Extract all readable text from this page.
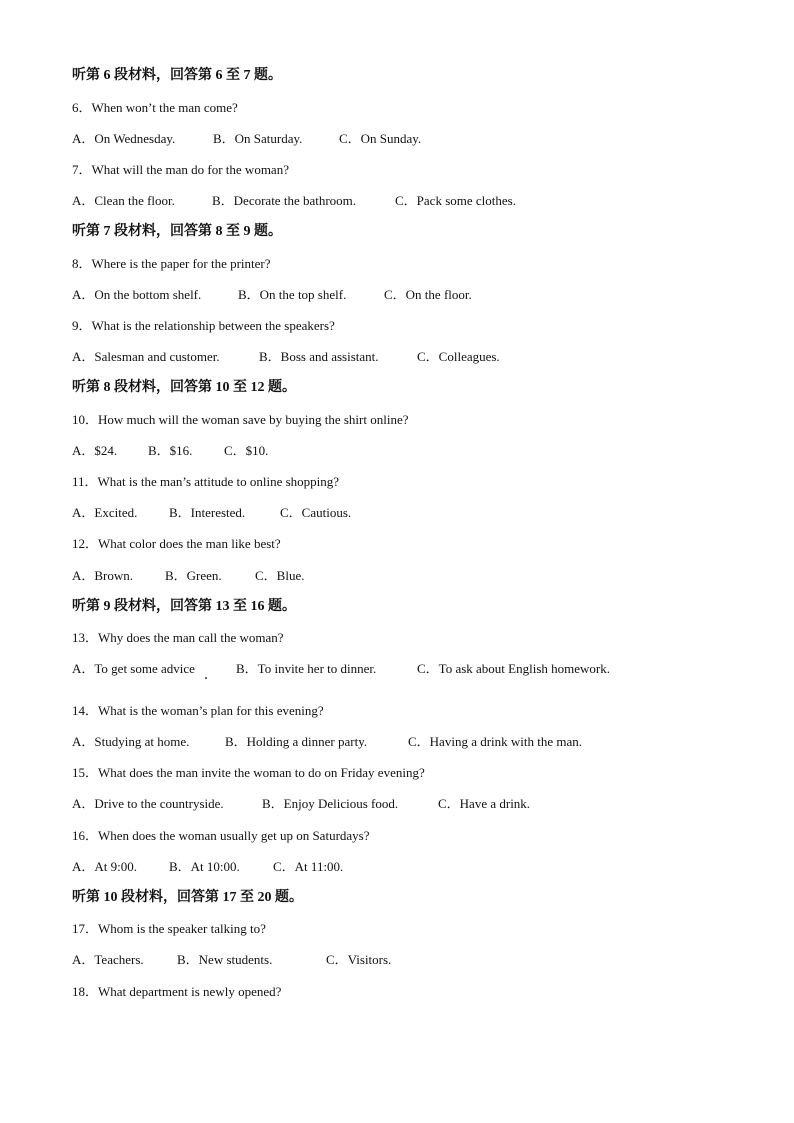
听第 6 段材料，回答第 6 至 7 题。
6．When won’t the man come?
A．On Wednesday.	B．On Saturday.	C．On Sunday.
7．What will the man do for the woman?
A．Clean the floor.	B．Decorate the bathroom.	C．Pack some clothes.
听第 7 段材料，回答第 8 至 9 题。
8．Where is the paper for the printer?
A．On the bottom shelf.	B．On the top shelf.	C．On the floor.
9．What is the relationship between the speakers?
A．Salesman and customer.	B．Boss and assistant.	C．Colleagues.
听第 8 段材料，回答第 10 至 12 题。
10．How much will the woman save by buying the shirt online?
A．$24. B．$16. C．$10.
11．What is the man’s attitude to online shopping?
A．Excited. B．Interested.	C．Cautious.
12．What color does the man like best?
A．Brown. B．Green.	C．Blue.
听第 9 段材料，回答第 13 至 16 题。
13．Why does the man call the woman?
A．To get some advice	B．To invite her to dinner.	C．To ask about English homework.
14．What is the woman’s plan for this evening?
A．Studying at home.	B．Holding a dinner party.	C．Having a drink with the man.
15．What does the man invite the woman to do on Friday evening?
A．Drive to the countryside.	B．Enjoy Delicious food.	C．Have a drink.
16．When does the woman usually get up on Saturdays?
A．At 9:00. B．At 10:00.	C．At 11:00.
听第 10 段材料，回答第 17 至 20 题。
17．Whom is the speaker talking to?
A．Teachers.	B．New students.	C．Visitors.
18．What department is newly opened?
